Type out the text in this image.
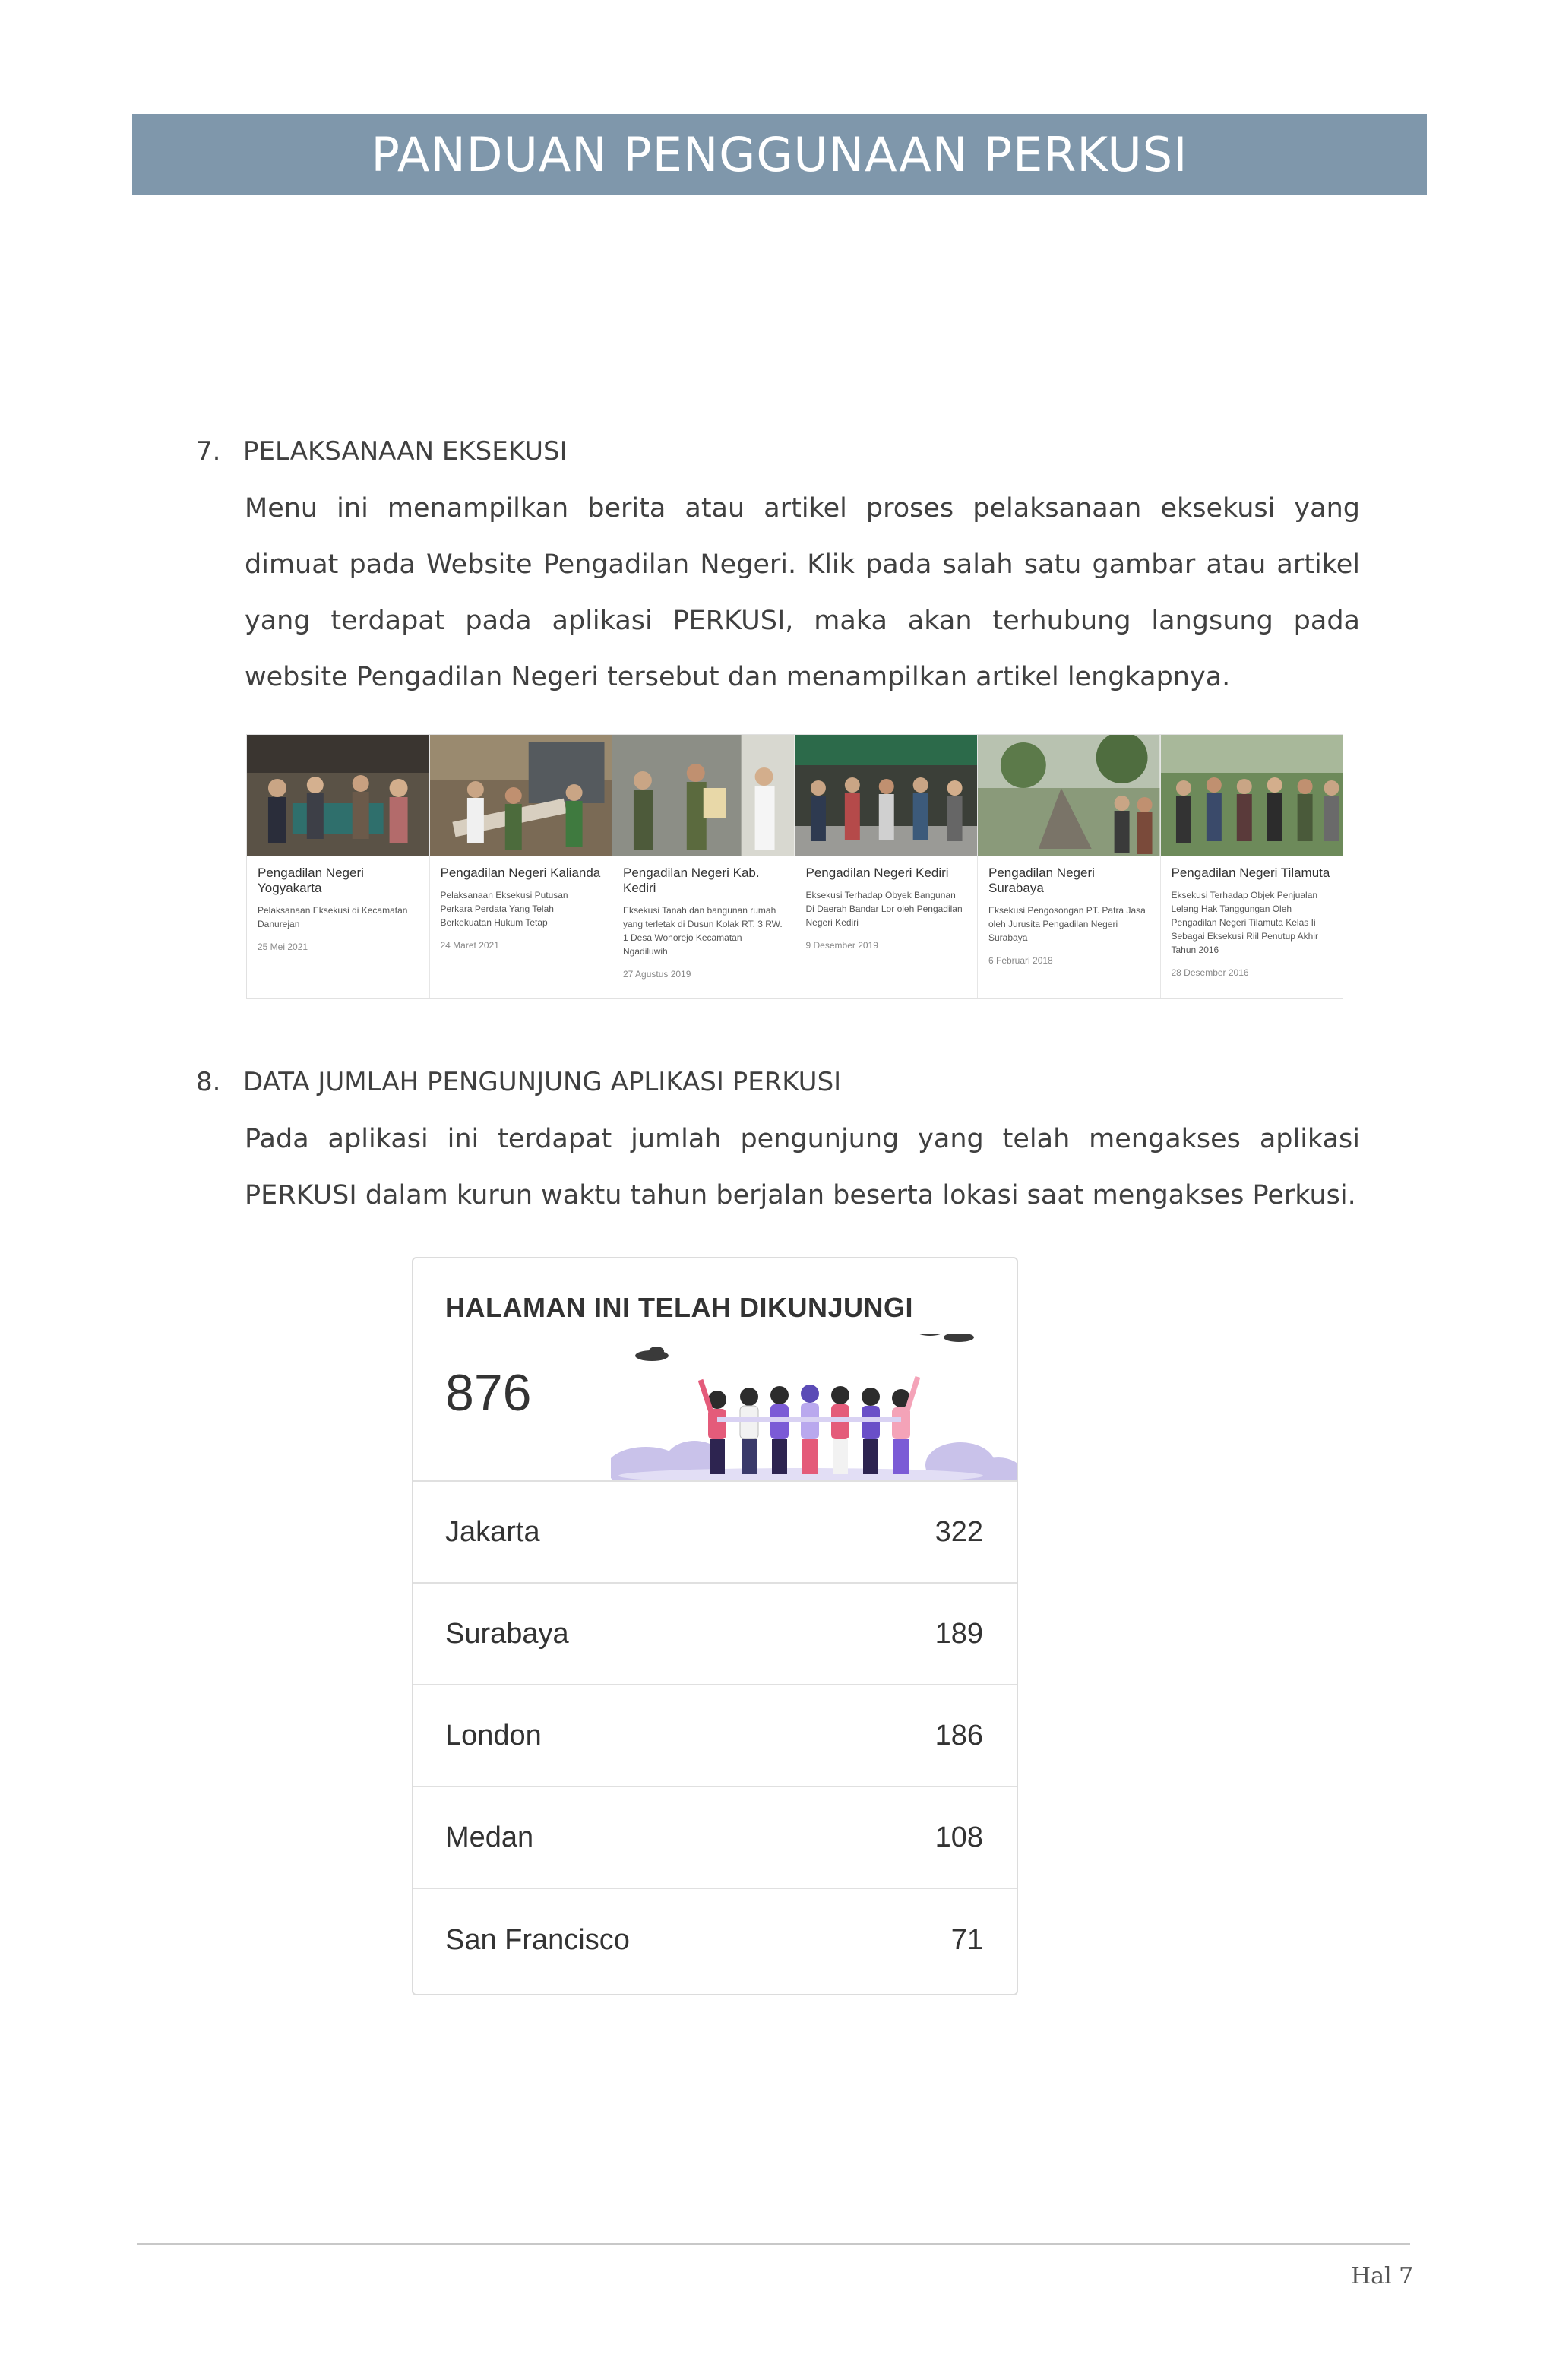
PANDUAN PENGGUNAAN PERKUSI
7. PELAKSANAAN EKSEKUSI
Menu ini menampilkan berita atau artikel proses pelaksanaan eksekusi yang dimuat pada Website Pengadilan Negeri. Klik pada salah satu gambar atau artikel yang terdapat pada aplikasi PERKUSI, maka akan terhubung langsung pada website Pengadilan Negeri tersebut dan menampilkan artikel lengkapnya.
Pengadilan Negeri Yogyakarta
Pelaksanaan Eksekusi di Kecamatan Danurejan
25 Mei 2021
Pengadilan Negeri Kalianda
Pelaksanaan Eksekusi Putusan Perkara Perdata Yang Telah Berkekuatan Hukum Tetap
24 Maret 2021
Pengadilan Negeri Kab. Kediri
Eksekusi Tanah dan bangunan rumah yang terletak di Dusun Kolak RT. 3 RW. 1 Desa Wonorejo Kecamatan Ngadiluwih
27 Agustus 2019
Pengadilan Negeri Kediri
Eksekusi Terhadap Obyek Bangunan Di Daerah Bandar Lor oleh Pengadilan Negeri Kediri
9 Desember 2019
Pengadilan Negeri Surabaya
Eksekusi Pengosongan PT. Patra Jasa oleh Jurusita Pengadilan Negeri Surabaya
6 Februari 2018
Pengadilan Negeri Tilamuta
Eksekusi Terhadap Objek Penjualan Lelang Hak Tanggungan Oleh Pengadilan Negeri Tilamuta Kelas Ii Sebagai Eksekusi Riil Penutup Akhir Tahun 2016
28 Desember 2016
8. DATA JUMLAH PENGUNJUNG APLIKASI PERKUSI
Pada aplikasi ini terdapat jumlah pengunjung yang telah mengakses aplikasi PERKUSI dalam kurun waktu tahun berjalan beserta lokasi saat mengakses Perkusi.
HALAMAN INI TELAH DIKUNJUNGI
876
Jakarta	322
Surabaya	189
London	186
Medan	108
San Francisco	71
Hal 7
